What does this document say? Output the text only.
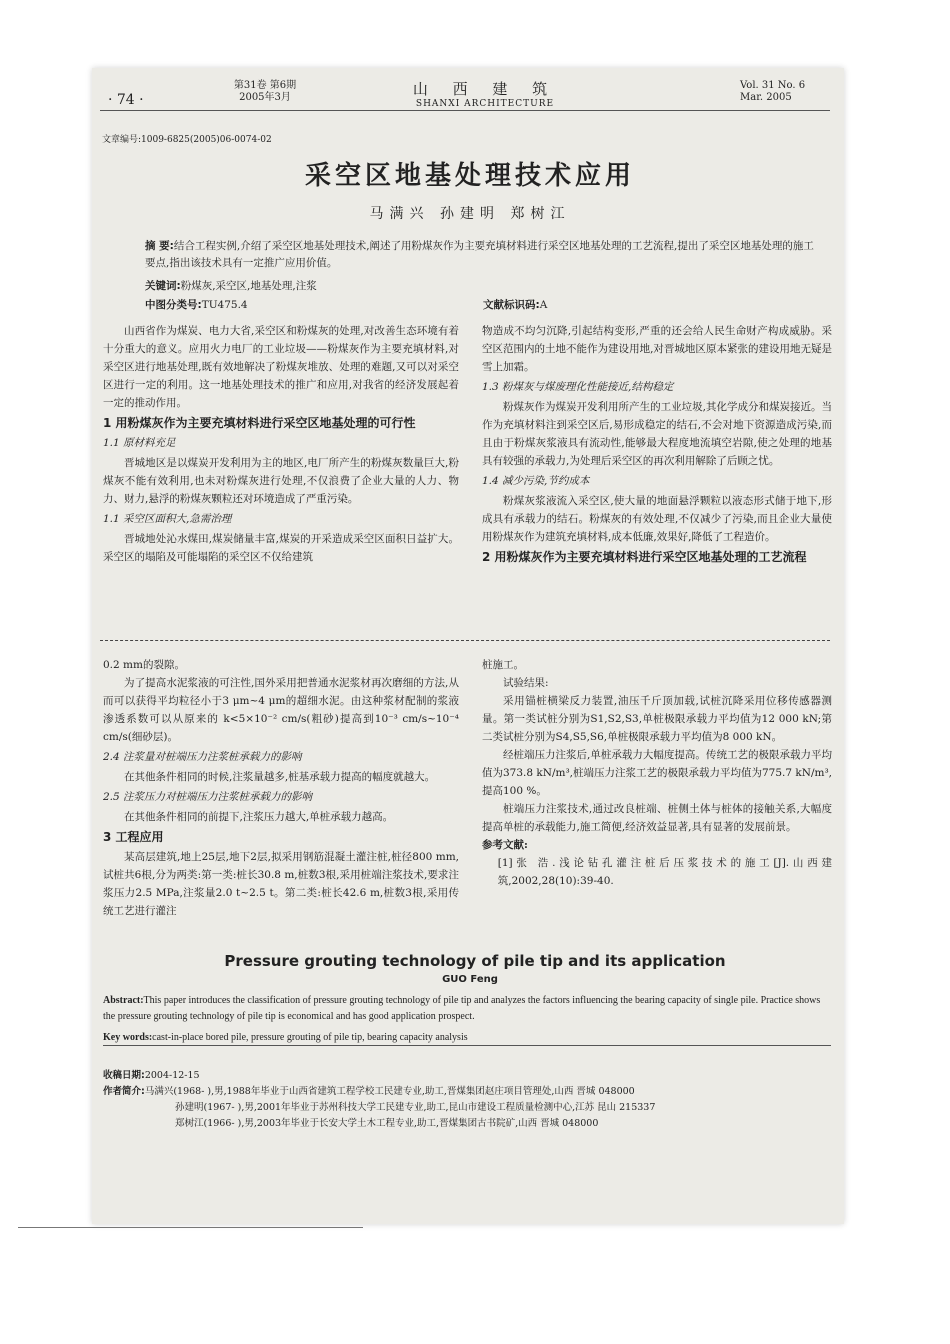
· 74 ·
第31卷 第6期
2005年3月	山 西 建 筑
SHANXI ARCHITECTURE
Vol. 31 No. 6
Mar. 2005
文章编号:1009-6825(2005)06-0074-02
采空区地基处理技术应用
马满兴 孙建明 郑树江
摘 要:结合工程实例,介绍了采空区地基处理技术,阐述了用粉煤灰作为主要充填材料进行采空区地基处理的工艺流程,提出了采空区地基处理的施工要点,指出该技术具有一定推广应用价值。
关键词:粉煤灰,采空区,地基处理,注浆
中图分类号:TU475.4	文献标识码:A

山西省作为煤炭、电力大省,采空区和粉煤灰的处理,对改善生态环境有着十分重大的意义。应用火力电厂的工业垃圾——粉煤灰作为主要充填材料,对采空区进行地基处理,既有效地解决了粉煤灰堆放、处理的难题,又可以对采空区进行一定的利用。这一地基处理技术的推广和应用,对我省的经济发展起着一定的推动作用。

1 用粉煤灰作为主要充填材料进行采空区地基处理的可行性

1.1 原材料充足

晋城地区是以煤炭开发利用为主的地区,电厂所产生的粉煤灰数量巨大,粉煤灰不能有效利用,也未对粉煤灰进行处理,不仅浪费了企业大量的人力、物力、财力,悬浮的粉煤灰颗粒还对环境造成了严重污染。

1.1 采空区面积大,急需治理

晋城地处沁水煤田,煤炭储量丰富,煤炭的开采造成采空区面积日益扩大。采空区的塌陷及可能塌陷的采空区不仅给建筑

物造成不均匀沉降,引起结构变形,严重的还会给人民生命财产构成威胁。采空区范围内的土地不能作为建设用地,对晋城地区原本紧张的建设用地无疑是雪上加霜。

1.3 粉煤灰与煤废理化性能接近,结构稳定

粉煤灰作为煤炭开发利用所产生的工业垃圾,其化学成分和煤炭接近。当作为充填材料注到采空区后,易形成稳定的结石,不会对地下资源造成污染,而且由于粉煤灰浆液具有流动性,能够最大程度地流填空岩隙,使之处理的地基具有较强的承载力,为处理后采空区的再次利用解除了后顾之忧。

1.4 减少污染,节约成本

粉煤灰浆液流入采空区,使大量的地面悬浮颗粒以液态形式储于地下,形成具有承载力的结石。粉煤灰的有效处理,不仅减少了污染,而且企业大量使用粉煤灰作为建筑充填材料,成本低廉,效果好,降低了工程造价。

2 用粉煤灰作为主要充填材料进行采空区地基处理的工艺流程

0.2 mm的裂隙。

为了提高水泥浆液的可注性,国外采用把普通水泥浆材再次磨细的方法,从而可以获得平均粒径小于3 μm~4 μm的超细水泥。由这种浆材配制的浆液渗透系数可以从原来的 k<5×10⁻² cm/s(粗砂)提高到10⁻³ cm/s~10⁻⁴ cm/s(细砂层)。

2.4 注浆量对桩端压力注浆桩承载力的影响

在其他条件相同的时候,注浆量越多,桩基承载力提高的幅度就越大。

2.5 注浆压力对桩端压力注浆桩承载力的影响

在其他条件相同的前提下,注浆压力越大,单桩承载力越高。

3 工程应用

某高层建筑,地上25层,地下2层,拟采用钢筋混凝土灌注桩,桩径800 mm,试桩共6根,分为两类:第一类:桩长30.8 m,桩数3根,采用桩端注浆技术,要求注浆压力2.5 MPa,注浆量2.0 t~2.5 t。第二类:桩长42.6 m,桩数3根,采用传统工艺进行灌注

桩施工。

试验结果:

采用锚桩横梁反力装置,油压千斤顶加载,试桩沉降采用位移传感器测量。第一类试桩分别为S1,S2,S3,单桩极限承载力平均值为12 000 kN;第二类试桩分别为S4,S5,S6,单桩极限承载力平均值为8 000 kN。

经桩端压力注浆后,单桩承载力大幅度提高。传统工艺的极限承载力平均值为373.8 kN/m³,桩端压力注浆工艺的极限承载力平均值为775.7 kN/m³,提高100 %。

桩端压力注浆技术,通过改良桩端、桩侧土体与桩体的接触关系,大幅度提高单桩的承载能力,施工简便,经济效益显著,具有显著的发展前景。

参考文献:

[1]张 浩.浅论钻孔灌注桩后压浆技术的施工[J].山西建筑,2002,28(10):39-40.

Pressure grouting technology of pile tip and its application
GUO Feng
Abstract:This paper introduces the classification of pressure grouting technology of pile tip and analyzes the factors influencing the bearing capacity of single pile. Practice shows the pressure grouting technology of pile tip is economical and has good application prospect.
Key words:cast-in-place bored pile, pressure grouting of pile tip, bearing capacity analysis
收稿日期:2004-12-15
作者简介:马满兴(1968- ),男,1988年毕业于山西省建筑工程学校工民建专业,助工,晋煤集团赵庄项目管理处,山西 晋城 048000
孙建明(1967- ),男,2001年毕业于苏州科技大学工民建专业,助工,昆山市建设工程质量检测中心,江苏 昆山 215337
郑树江(1966- ),男,2003年毕业于长安大学土木工程专业,助工,晋煤集团古书院矿,山西 晋城 048000
